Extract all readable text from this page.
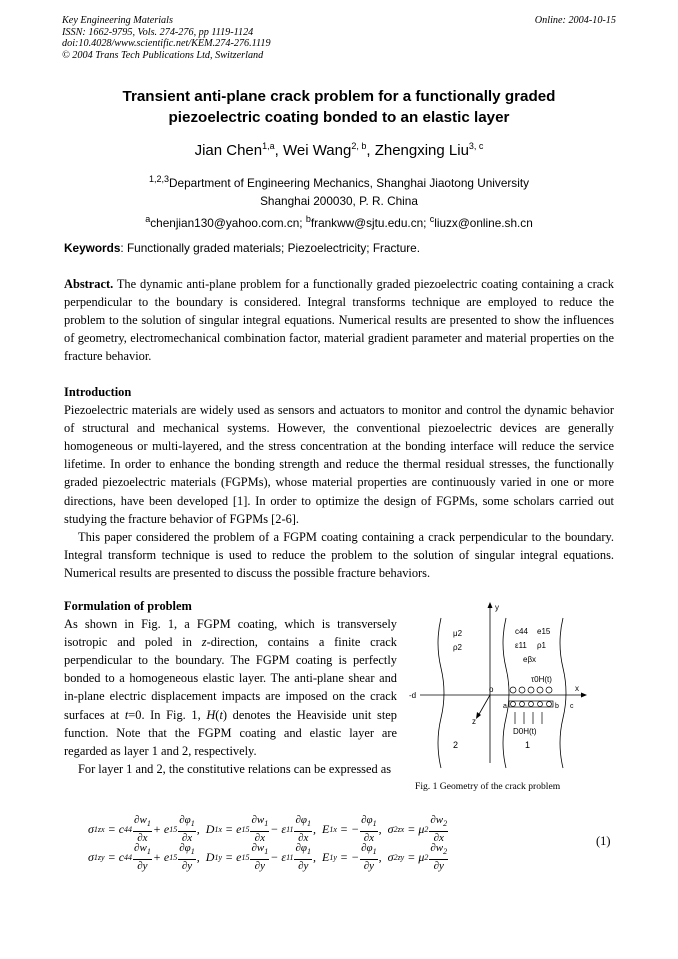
Key Engineering Materials
ISSN: 1662-9795, Vols. 274-276, pp 1119-1124
doi:10.4028/www.scientific.net/KEM.274-276.1119
© 2004 Trans Tech Publications Ltd, Switzerland
Online: 2004-10-15
Transient anti-plane crack problem for a functionally graded
piezoelectric coating bonded to an elastic layer
Jian Chen$^{1,a}$, Wei Wang$^{2, b}$, Zhengxing Liu$^{3, c}$
$^{1,2,3}$Department of Engineering Mechanics, Shanghai Jiaotong University
Shanghai 200030, P. R. China
$^a$chenjian130@yahoo.com.cn; $^b$frankww@sjtu.edu.cn; $^c$liuzx@online.sh.cn
Keywords: Functionally graded materials; Piezoelectricity; Fracture.
Abstract. The dynamic anti-plane problem for a functionally graded piezoelectric coating containing a crack perpendicular to the boundary is considered. Integral transforms technique are employed to reduce the problem to the solution of singular integral equations. Numerical results are presented to show the influences of geometry, electromechanical combination factor, material gradient parameter and material properties on the fracture behavior.
Introduction
Piezoelectric materials are widely used as sensors and actuators to monitor and control the dynamic behavior of structural and mechanical systems. However, the conventional piezoelectric devices are generally homogeneous or multi-layered, and the stress concentration at the bonding interface will reduce the service lifetime. In order to enhance the bonding strength and reduce the thermal residual stresses, the functionally graded piezoelectric materials (FGPMs), whose material properties are continuously varied in one or more directions, have been developed [1]. In order to optimize the design of FGPMs, some scholars carried out studying the fracture behavior of FGPMs [2-6].
This paper considered the problem of a FGPM coating containing a crack perpendicular to the boundary. Integral transform technique is used to reduce the problem to the solution of singular integral equations. Numerical results are presented to discuss the possible fracture behaviors.
Formulation of problem
As shown in Fig. 1, a FGPM coating, which is transversely isotropic and poled in z-direction, contains a finite crack perpendicular to the boundary. The FGPM coating is perfectly bonded to a homogeneous elastic layer. The anti-plane shear and in-plane electric displacement impacts are imposed on the crack surfaces at t=0. In Fig. 1, H(t) denotes the Heaviside unit step function. Note that the FGPM coating and elastic layer are regarded as layer 1 and 2, respectively.
For layer 1 and 2, the constitutive relations can be expressed as
y
x
-d
o
z
μ2
ρ2
c44 e15
ε11 ρ1
eβx
τ0H(t)
a	b c
D0H(t)
2	1
Fig. 1 Geometry of the crack problem
σ 1zx = c $44 \frac{\partial w_1}{\partial x} + e$ $15 \frac{\partial\varphi_1}{\partial x}$ ,  D 1x = e $15 \frac{\partial w_1}{\partial x} - \varepsilon$ $11 \frac{\partial\varphi_1}{\partial x}$ ,  E 1x = − $\frac{\partial\varphi_1}{\partial x}$ ,  σ 2zx = μ $2 \frac{\partial w_2}{\partial x}$
σ 1zy = c $44 \frac{\partial w_1}{\partial y} + e$ $15 \frac{\partial\varphi_1}{\partial y}$ ,  D 1y = e $15 \frac{\partial w_1}{\partial y} - \varepsilon$ $11 \frac{\partial\varphi_1}{\partial y}$ ,  E 1y = − $\frac{\partial\varphi_1}{\partial y}$ ,  σ 2zy = μ $2 \frac{\partial w_2}{\partial y}$
(1)
